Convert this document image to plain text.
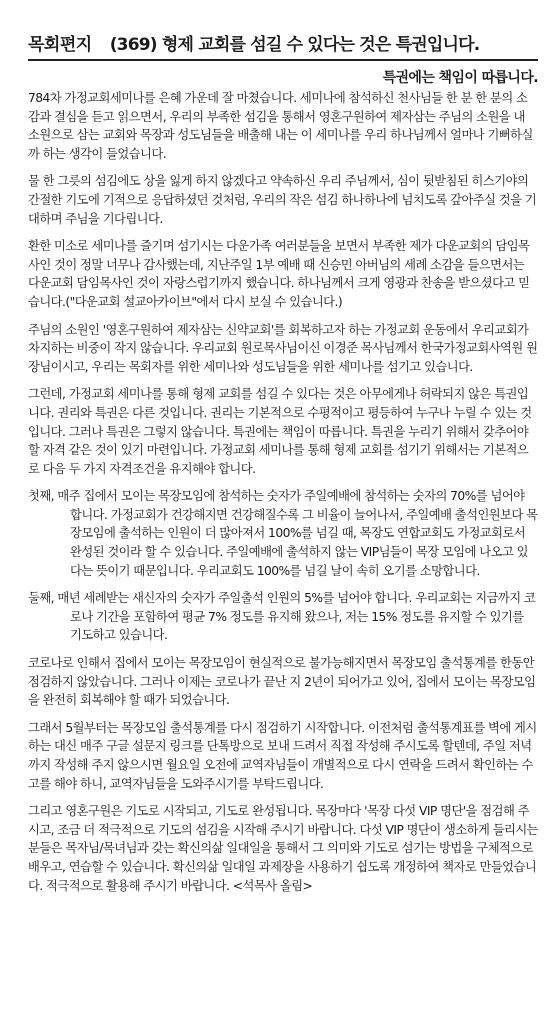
목회편지 (369) 형제 교회를 섬길 수 있다는 것은 특권입니다.
특권에는 책임이 따릅니다.

784차 가정교회세미나를 은혜 가운데 잘 마쳤습니다. 세미나에 참석하신 천사님들 한 분 한 분의 소감과 결심을 듣고 읽으면서, 우리의 부족한 섬김을 통해서 영혼구원하여 제자삼는 주님의 소원을 내 소원으로 삼는 교회와 목장과 성도님들을 배출해 내는 이 세미나를 우리 하나님께서 얼마나 기뻐하실까 하는 생각이 들었습니다.

물 한 그릇의 섬김에도 상을 잃게 하지 않겠다고 약속하신 우리 주님께서, 심이 뒷받침된 히스기야의 간절한 기도에 기적으로 응답하셨던 것처럼, 우리의 작은 섬김 하나하나에 넘치도록 갚아주실 것을 기대하며 주님을 기다립니다.

환한 미소로 세미나를 즐기며 섬기시는 다운가족 여러분들을 보면서 부족한 제가 다운교회의 담임목사인 것이 정말 너무나 감사했는데, 지난주일 1부 예배 때 신승민 아버님의 세례 소감을 들으면서는 다운교회 담임목사인 것이 자랑스럽기까지 했습니다. 하나님께서 크게 영광과 찬송을 받으셨다고 믿습니다.("다운교회 설교아카이브"에서 다시 보실 수 있습니다.)

주님의 소원인 '영혼구원하여 제자삼는 신약교회'를 회복하고자 하는 가정교회 운동에서 우리교회가 차지하는 비중이 작지 않습니다. 우리교회 원로목사님이신 이경준 목사님께서 한국가정교회사역원 원장님이시고, 우리는 목회자를 위한 세미나와 성도님들을 위한 세미나를 섬기고 있습니다.

그런데, 가정교회 세미나를 통해 형제 교회를 섬길 수 있다는 것은 아무에게나 허락되지 않은 특권입니다. 권리와 특권은 다른 것입니다. 권리는 기본적으로 수평적이고 평등하여 누구나 누릴 수 있는 것입니다. 그러나 특권은 그렇지 않습니다. 특권에는 책임이 따릅니다. 특권을 누리기 위해서 갖추어야 할 자격 같은 것이 있기 마련입니다. 가정교회 세미나를 통해 형제 교회를 섬기기 위해서는 기본적으로 다음 두 가지 자격조건을 유지해야 합니다.

첫째, 매주 집에서 모이는 목장모임에 참석하는 숫자가 주일예배에 참석하는 숫자의 70%를 넘어야 합니다. 가정교회가 건강해지면 건강해질수록 그 비율이 늘어나서, 주일예배 출석인원보다 목장모임에 출석하는 인원이 더 많아져서 100%를 넘길 때, 목장도 연합교회도 가정교회로서 완성된 것이라 할 수 있습니다. 주일예배에 출석하지 않는 VIP님들이 목장 모임에 나오고 있다는 뜻이기 때문입니다. 우리교회도 100%를 넘길 날이 속히 오기를 소망합니다.

둘째, 매년 세례받는 새신자의 숫자가 주일출석 인원의 5%를 넘어야 합니다. 우리교회는 지금까지 코로나 기간을 포함하여 평균 7% 정도를 유지해 왔으나, 저는 15% 정도를 유지할 수 있기를 기도하고 있습니다.

코로나로 인해서 집에서 모이는 목장모임이 현실적으로 불가능해지면서 목장모임 출석통계를 한동안 점검하지 않았습니다. 그러나 이제는 코로나가 끝난 지 2년이 되어가고 있어, 집에서 모이는 목장모임을 완전히 회복해야 할 때가 되었습니다.

그래서 5월부터는 목장모임 출석통계를 다시 점검하기 시작합니다. 이전처럼 출석통계표를 벽에 게시하는 대신 매주 구글 설문지 링크를 단톡방으로 보내 드려서 직접 작성해 주시도록 할텐데, 주일 저녁까지 작성해 주지 않으시면 월요일 오전에 교역자님들이 개별적으로 다시 연락을 드려서 확인하는 수고를 해야 하니, 교역자님들을 도와주시기를 부탁드립니다.

그리고 영혼구원은 기도로 시작되고, 기도로 완성됩니다. 목장마다 '목장 다섯 VIP 명단'을 점검해 주시고, 조금 더 적극적으로 기도의 섬김을 시작해 주시기 바랍니다. 다섯 VIP 명단이 생소하게 들리시는 분들은 목자님/목녀님과 갖는 확신의삶 일대일을 통해서 그 의미와 기도로 섬기는 방법을 구체적으로 배우고, 연습할 수 있습니다. 확신의삶 일대일 과제장을 사용하기 쉽도록 개정하여 책자로 만들었습니다. 적극적으로 활용해 주시기 바랍니다. <석목사 올림>
